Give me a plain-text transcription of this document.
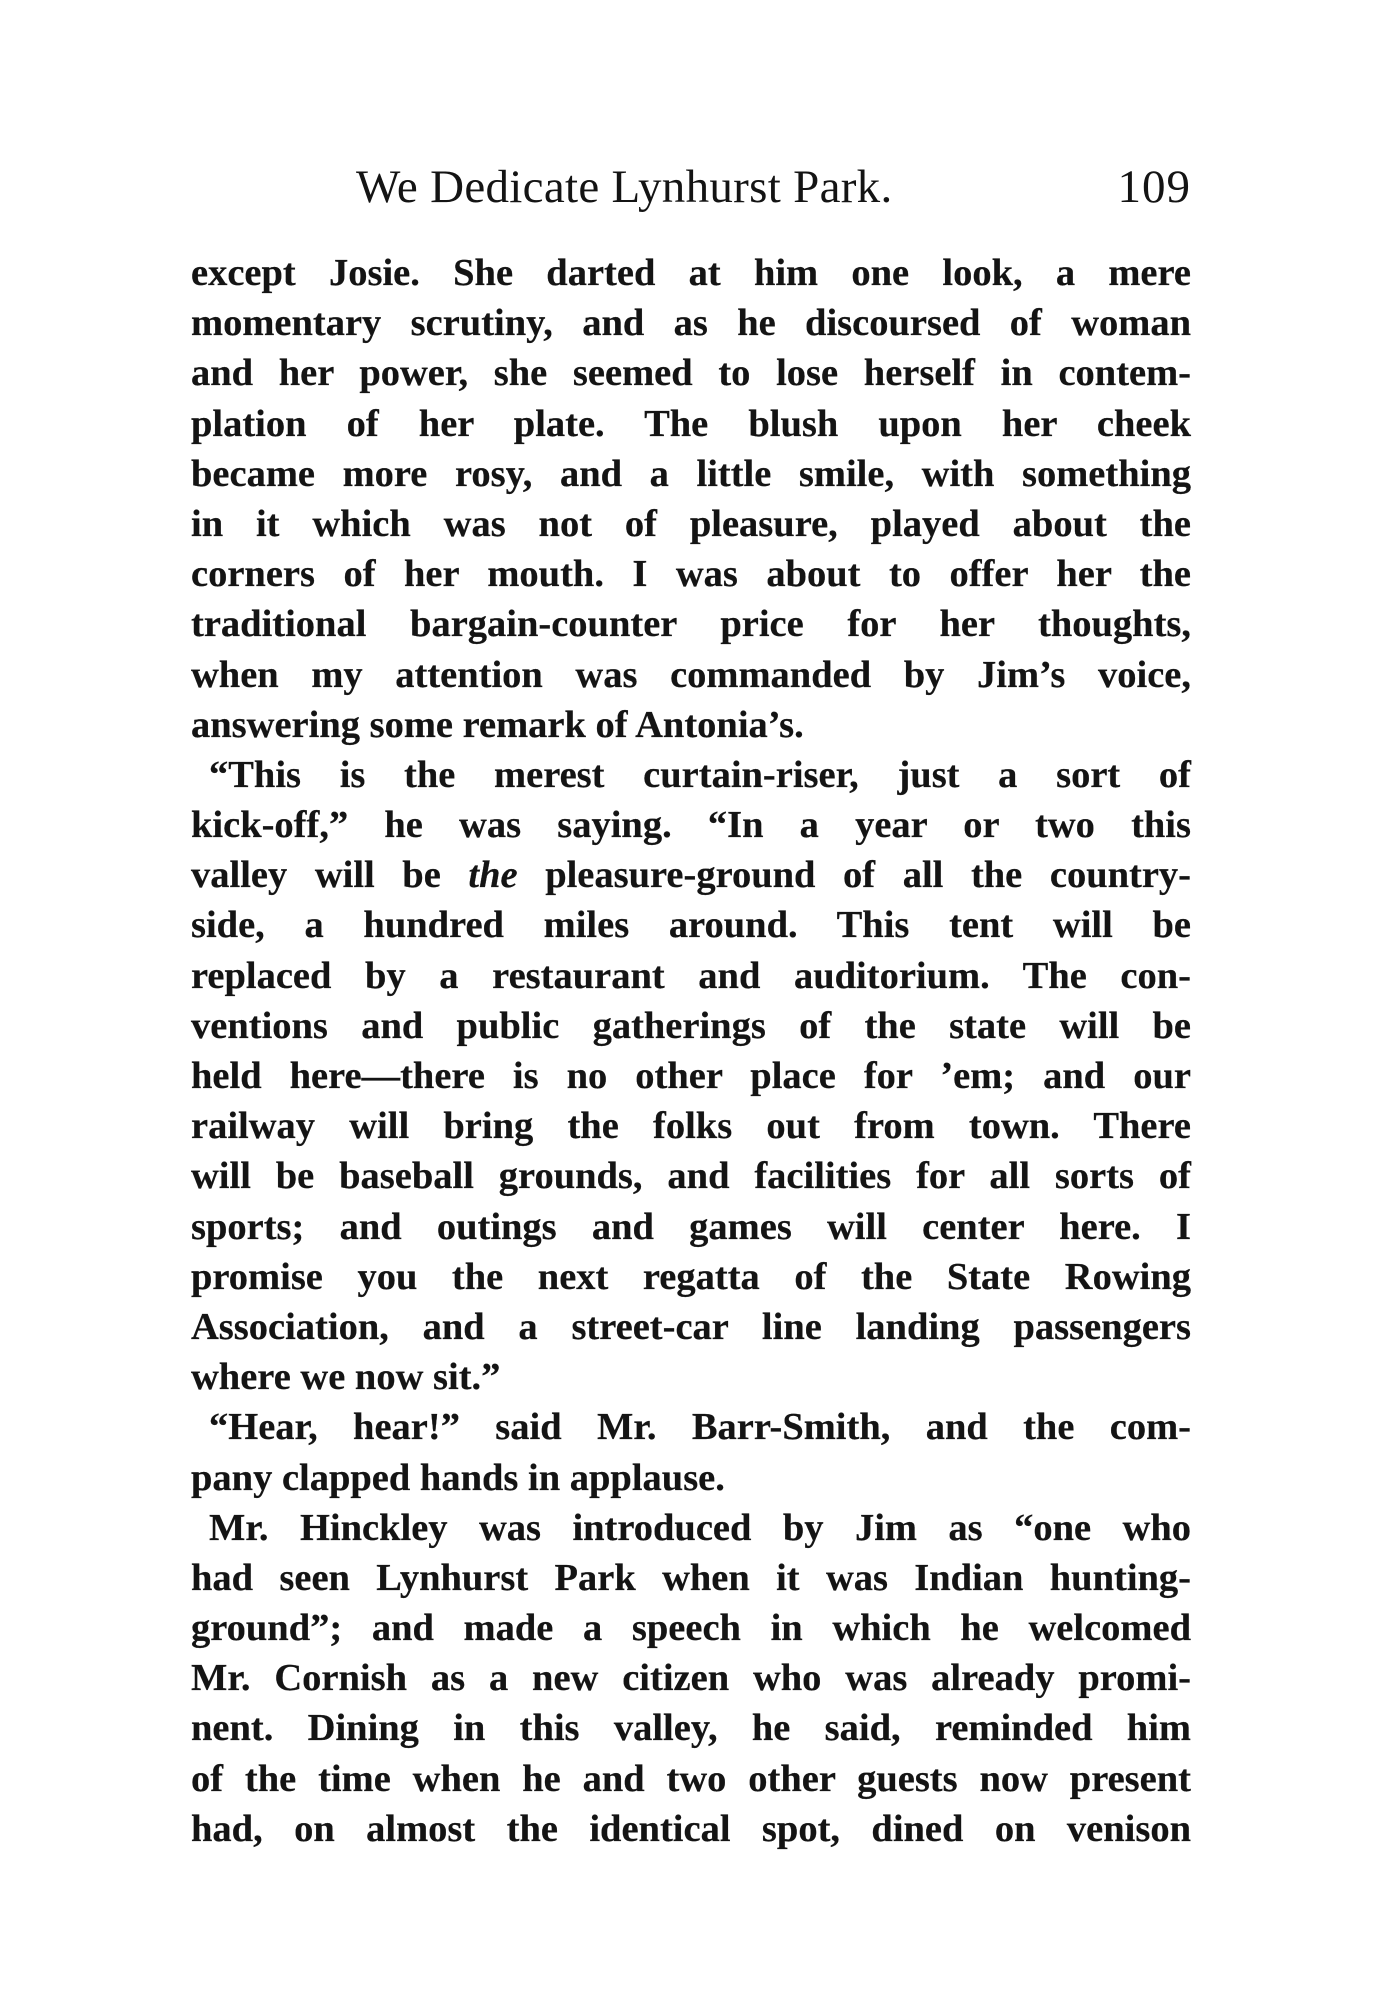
We Dedicate Lynhurst Park.	109
except Josie. She darted at him one look, a mere
momentary scrutiny, and as he discoursed of woman
and her power, she seemed to lose herself in contem-
plation of her plate. The blush upon her cheek
became more rosy, and a little smile, with something
in it which was not of pleasure, played about the
corners of her mouth. I was about to offer her the
traditional bargain-counter price for her thoughts,
when my attention was commanded by Jim’s voice,
answering some remark of Antonia’s.
“This is the merest curtain-riser, just a sort of
kick-off,” he was saying. “In a year or two this
valley will be the pleasure-ground of all the country-
side, a hundred miles around. This tent will be
replaced by a restaurant and auditorium. The con-
ventions and public gatherings of the state will be
held here—there is no other place for ’em; and our
railway will bring the folks out from town. There
will be baseball grounds, and facilities for all sorts of
sports; and outings and games will center here. I
promise you the next regatta of the State Rowing
Association, and a street-car line landing passengers
where we now sit.”
“Hear, hear!” said Mr. Barr-Smith, and the com-
pany clapped hands in applause.
Mr. Hinckley was introduced by Jim as “one who
had seen Lynhurst Park when it was Indian hunting-
ground”; and made a speech in which he welcomed
Mr. Cornish as a new citizen who was already promi-
nent. Dining in this valley, he said, reminded him
of the time when he and two other guests now present
had, on almost the identical spot, dined on venison
